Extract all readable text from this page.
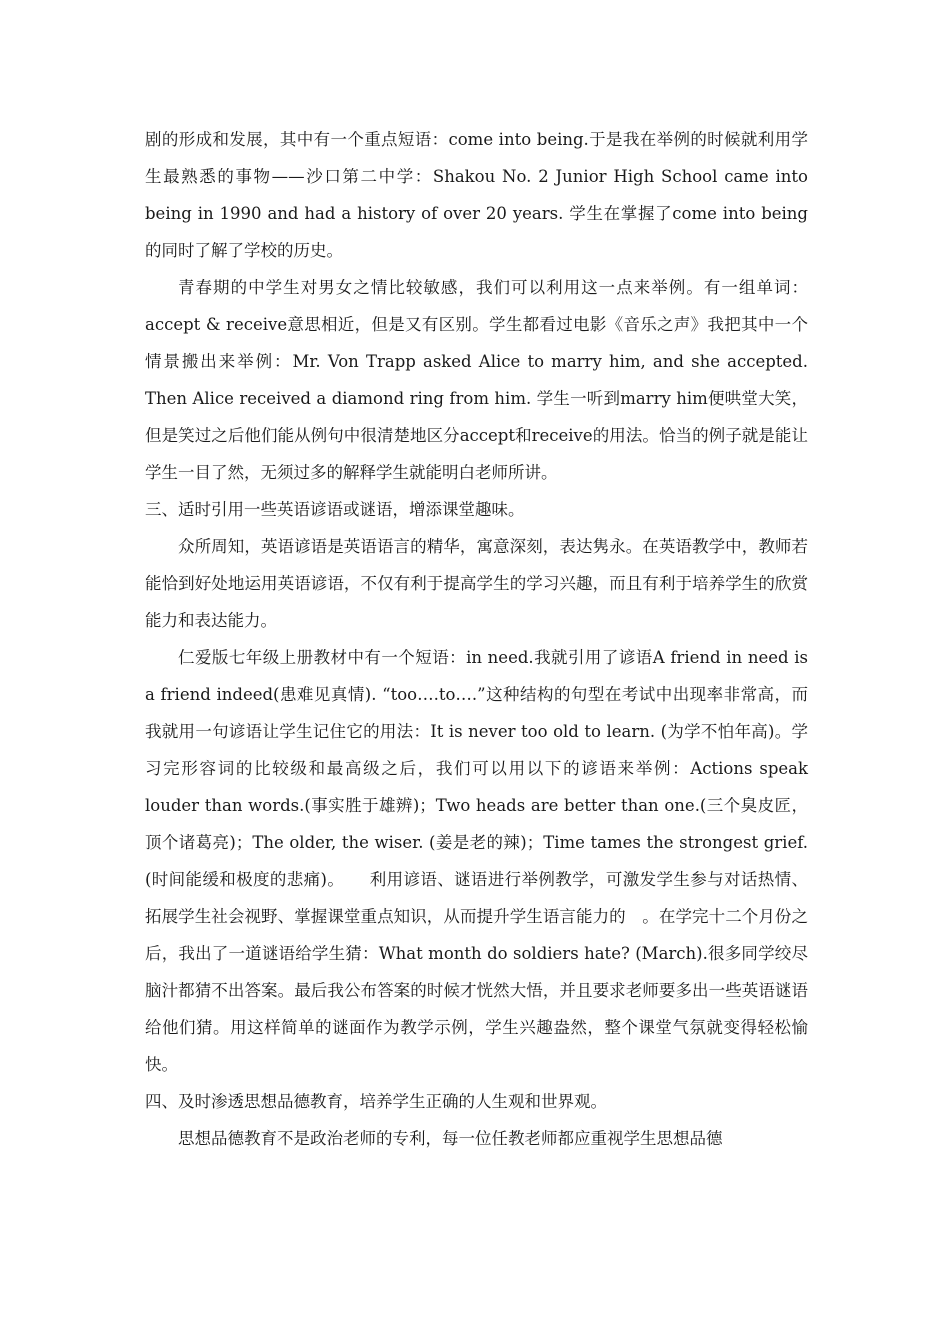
剧的形成和发展，其中有一个重点短语：come into being.于是我在举例的时候就利用学生最熟悉的事物——沙口第二中学：Shakou No. 2 Junior High School came into being in 1990 and had a history of over 20 years. 学生在掌握了come into being 的同时了解了学校的历史。

青春期的中学生对男女之情比较敏感，我们可以利用这一点来举例。有一组单词：accept & receive意思相近，但是又有区别。学生都看过电影《音乐之声》我把其中一个情景搬出来举例：Mr. Von Trapp asked Alice to marry him, and she accepted. Then Alice received a diamond ring from him. 学生一听到marry him便哄堂大笑，但是笑过之后他们能从例句中很清楚地区分accept和receive的用法。恰当的例子就是能让学生一目了然，无须过多的解释学生就能明白老师所讲。

三、适时引用一些英语谚语或谜语，增添课堂趣味。

众所周知，英语谚语是英语语言的精华，寓意深刻，表达隽永。在英语教学中，教师若能恰到好处地运用英语谚语，不仅有利于提高学生的学习兴趣，而且有利于培养学生的欣赏能力和表达能力。

仁爱版七年级上册教材中有一个短语：in need.我就引用了谚语A friend in need is a friend indeed(患难见真情). “too….to….”这种结构的句型在考试中出现率非常高，而我就用一句谚语让学生记住它的用法：It is never too old to learn. (为学不怕年高)。学习完形容词的比较级和最高级之后，我们可以用以下的谚语来举例：Actions speak louder than words.(事实胜于雄辨)；Two heads are better than one.(三个臭皮匠，顶个诸葛亮)；The older, the wiser. (姜是老的辣)；Time tames the strongest grief.(时间能缓和极度的悲痛)。　　利用谚语、谜语进行举例教学，可激发学生参与对话热情、拓展学生社会视野、掌握课堂重点知识，从而提升学生语言能力的　。在学完十二个月份之后，我出了一道谜语给学生猜：What month do soldiers hate? (March).很多同学绞尽脑汁都猜不出答案。最后我公布答案的时候才恍然大悟，并且要求老师要多出一些英语谜语给他们猜。用这样简单的谜面作为教学示例，学生兴趣盎然，整个课堂气氛就变得轻松愉快。

四、及时渗透思想品德教育，培养学生正确的人生观和世界观。

思想品德教育不是政治老师的专利，每一位任教老师都应重视学生思想品德
